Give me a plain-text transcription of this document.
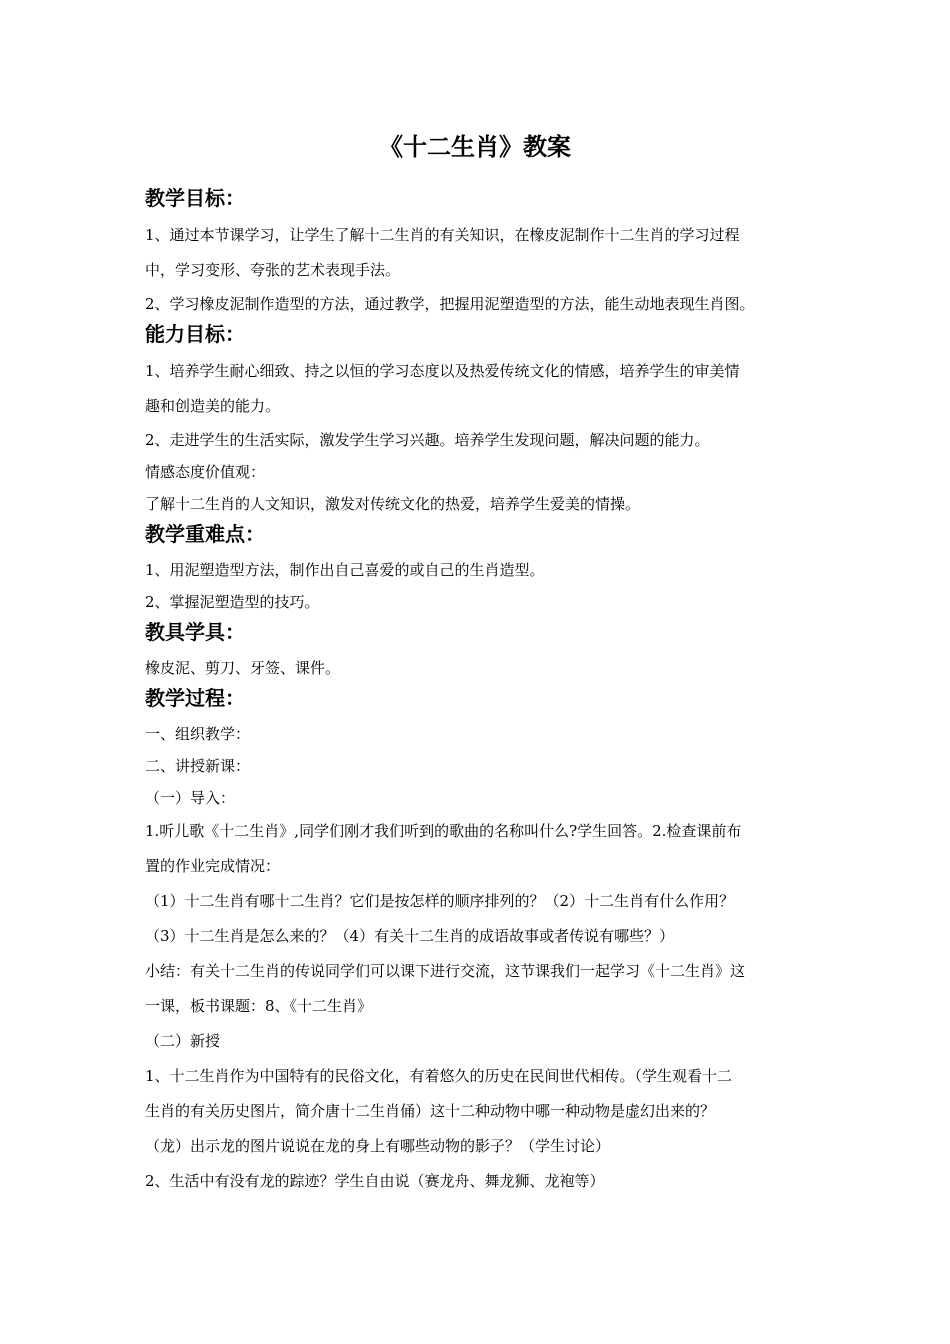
《十二生肖》教案
教学目标：

1、通过本节课学习，让学生了解十二生肖的有关知识，在橡皮泥制作十二生肖的学习过程

中，学习变形、夸张的艺术表现手法。

2、学习橡皮泥制作造型的方法，通过教学，把握用泥塑造型的方法，能生动地表现生肖图。

能力目标：

1、培养学生耐心细致、持之以恒的学习态度以及热爱传统文化的情感，培养学生的审美情

趣和创造美的能力。

2、走进学生的生活实际，激发学生学习兴趣。培养学生发现问题，解决问题的能力。

情感态度价值观：

了解十二生肖的人文知识，激发对传统文化的热爱，培养学生爱美的情操。

教学重难点：

1、用泥塑造型方法，制作出自己喜爱的或自己的生肖造型。

2、掌握泥塑造型的技巧。

教具学具：

橡皮泥、剪刀、牙签、课件。

教学过程：

一、组织教学：

二、讲授新课：

（一）导入：

1.听儿歌《十二生肖》,同学们刚才我们听到的歌曲的名称叫什么?学生回答。2.检查课前布

置的作业完成情况：

（1）十二生肖有哪十二生肖？它们是按怎样的顺序排列的？（2）十二生肖有什么作用？

（3）十二生肖是怎么来的？（4）有关十二生肖的成语故事或者传说有哪些？）

小结：有关十二生肖的传说同学们可以课下进行交流，这节课我们一起学习《十二生肖》这

一课，板书课题：8、《十二生肖》

（二）新授

1、十二生肖作为中国特有的民俗文化，有着悠久的历史在民间世代相传。（学生观看十二

生肖的有关历史图片，简介唐十二生肖俑）这十二种动物中哪一种动物是虚幻出来的？

（龙）出示龙的图片说说在龙的身上有哪些动物的影子？（学生讨论）

2、生活中有没有龙的踪迹？学生自由说（赛龙舟、舞龙狮、龙袍等）
